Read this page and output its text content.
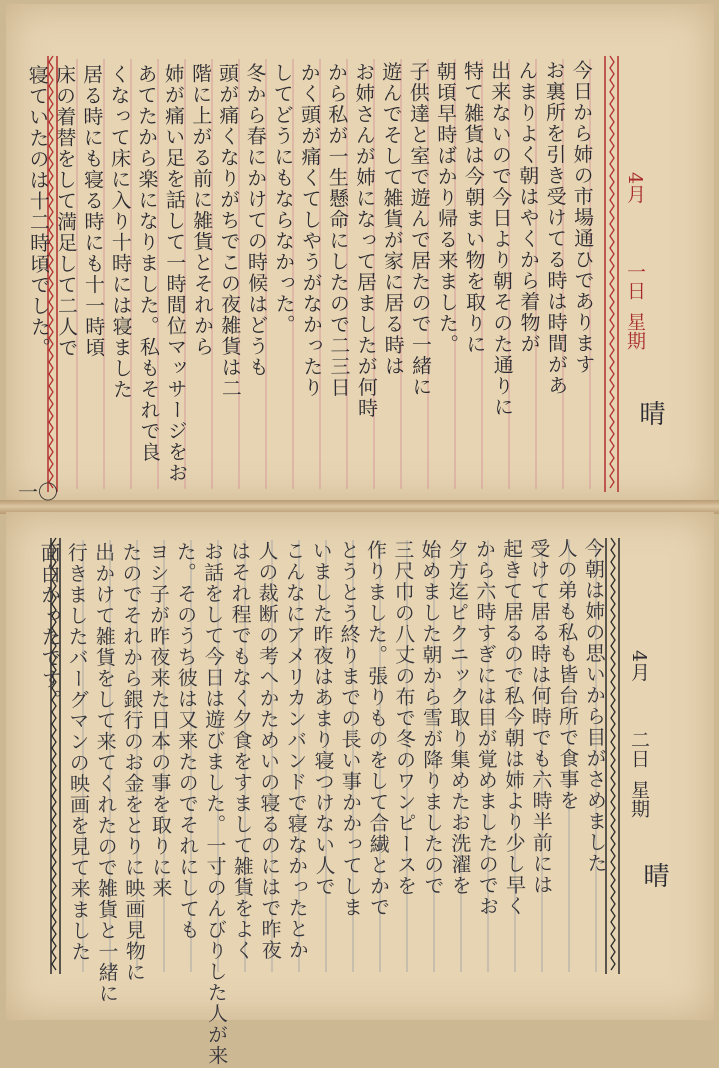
4月
一日
星期
晴
今日から姉の市場通ひであります
お裏所を引き受けてる時は時間があ
んまりよく朝はやくから着物が
出来ないので今日より朝そのた通りに
特て雑貨は今朝まい物を取りに
朝頃早時ばかり帰る来ました。
子供達と室で遊んで居たので一緒に
遊んでそして雑貨が家に居る時は
お姉さんが姉になって居ましたが何時
から私が一生懸命にしたので二三日
かく頭が痛くてしやうがなかったり
してどうにもならなかった。
冬から春にかけての時候はどうも
頭が痛くなりがちでこの夜雑貨は二
階に上がる前に雑貨とそれから
姉が痛い足を話して一時間位マッサージをお
あてたから楽になりました。私もそれで良
くなって床に入り十時には寝ました
居る時にも寝る時にも十一時頃
床の着替をして満足して二人で
寝ていたのは十二時頃でした。
一〇
4月
二日
星期
晴
今朝は姉の思いから目がさめました
人の弟も私も皆台所で食事を
受けて居る時は何時でも六時半前には
起きて居るので私今朝は姉より少し早く
から六時すぎには目が覚めましたのでお
夕方迄ピクニック取り集めたお洗濯を
始めました朝から雪が降りましたので
三尺巾の八丈の布で冬のワンピースを
作りました。張りものをして合繊とかで
とうとう終りまでの長い事かかってしま
いました昨夜はあまり寝つけない人で
こんなにアメリカンバンドで寝なかったとか
人の裁断の考へかためいの寝るのにはで昨夜
はそれ程でもなく夕食をすまして雑貨をよく
お話をして今日は遊びました。一寸のんびりした人が来
た。そのうち彼は又来たのでそれにしても
ヨシ子が昨夜来た日本の事を取りに来
たのでそれから銀行のお金をとりに映画見物に
出かけて雑貨をして来てくれたので雑貨と一緒に
行きましたバーグマンの映画を見て来ました
面白かったです。
